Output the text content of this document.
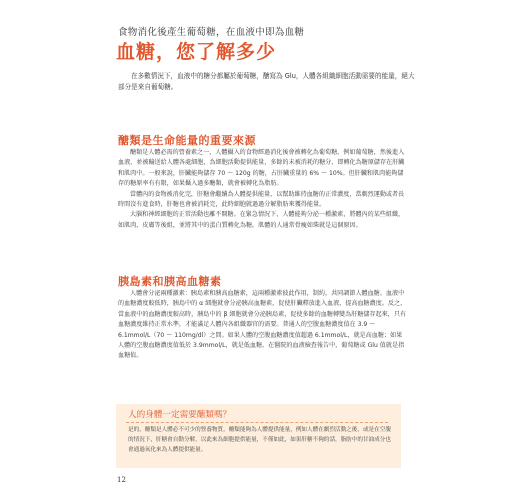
食物消化後產生葡萄糖，在血液中即為血糖
血糖，您了解多少

在多數情況下，血液中的糖分都屬於葡萄糖，醣寫為 Glu，人體各組織細胞活動需要的能量，絕大部分是來自葡萄糖。

醣類是生命能量的重要來源

醣類是人體必需的營養素之一，人體攝入的食物經過消化後會被轉化為葡萄糖，例如葡萄糖，然後進入血液，並被輸送給人體各處細胞，為細胞活動提供能量，多餘的未被消耗的糖分，即轉化為糖原儲存在肝臟和肌肉中。一般來說，肝臟能夠儲存 70 ～ 120g 的糖，占肝臟重量的 6% ～ 10%。但肝臟和肌肉能夠儲存的糖原率有有限，如果攝入過多醣類，就會被轉化為脂肪。

當體內的食物被消化完，肝糖會繼續為人體提供能量，以幫助維持血糖的正常濃度，當劇烈運動或者長時間沒有進食時，肝糖也會被消耗完，此時細胞就過過分解脂肪來獲得能量。

大腦和神經細胞的正常活動也離不開糖。在緊急情況下，人體能夠分泌一種激素，將體內的某些組織，如肌肉、皮膚等後組，並將其中的蛋白質轉化為糖。肌體的人通常骨瘦如柴就是這個原因。

胰島素和胰高血糖素

人體會分泌兩種激素：胰島素和胰高血糖素，這兩種激素彼此作用，制約，共同調節人體血糖。血液中的血糖濃度較低時，胰島中的 α 細胞就會分泌胰高血糖素，促使肝臟釋放進入血液，提高血糖濃度。反之，當血液中的血糖濃度較高時，胰島中的 β 細胞就會分泌胰島素，促使多餘的血糖轉變為肝糖儲存起來，只有血糖濃度維持正常水準，才能滿足人體內各組織器官的需要。普通人的空腹血糖濃度值在 3.9 ～ 6.1mmol/L（70 ～ 110mg/dl）之間。如果人體的空腹血糖濃度值超過 6.1mmol/L，就是高血糖；如果人體的空腹血糖濃度值低於 3.9mmol/L，就是低血糖。在醫院的血液檢查報告中，葡萄糖或 Glu 值就是指血糖值。

人的身體一定需要醣類嗎？
是的，醣類是人體必不可少的營養物質，醣類能夠為人體提供能量，例如人體在劇烈活動之後，或是在空腹的情況下，肝糖會自動分解，以此來為細胞提供能量，不僅如此，如果肝糖不夠的話，脂肪中的甘油成分也會通過氧化來為人體提供能量。
12
